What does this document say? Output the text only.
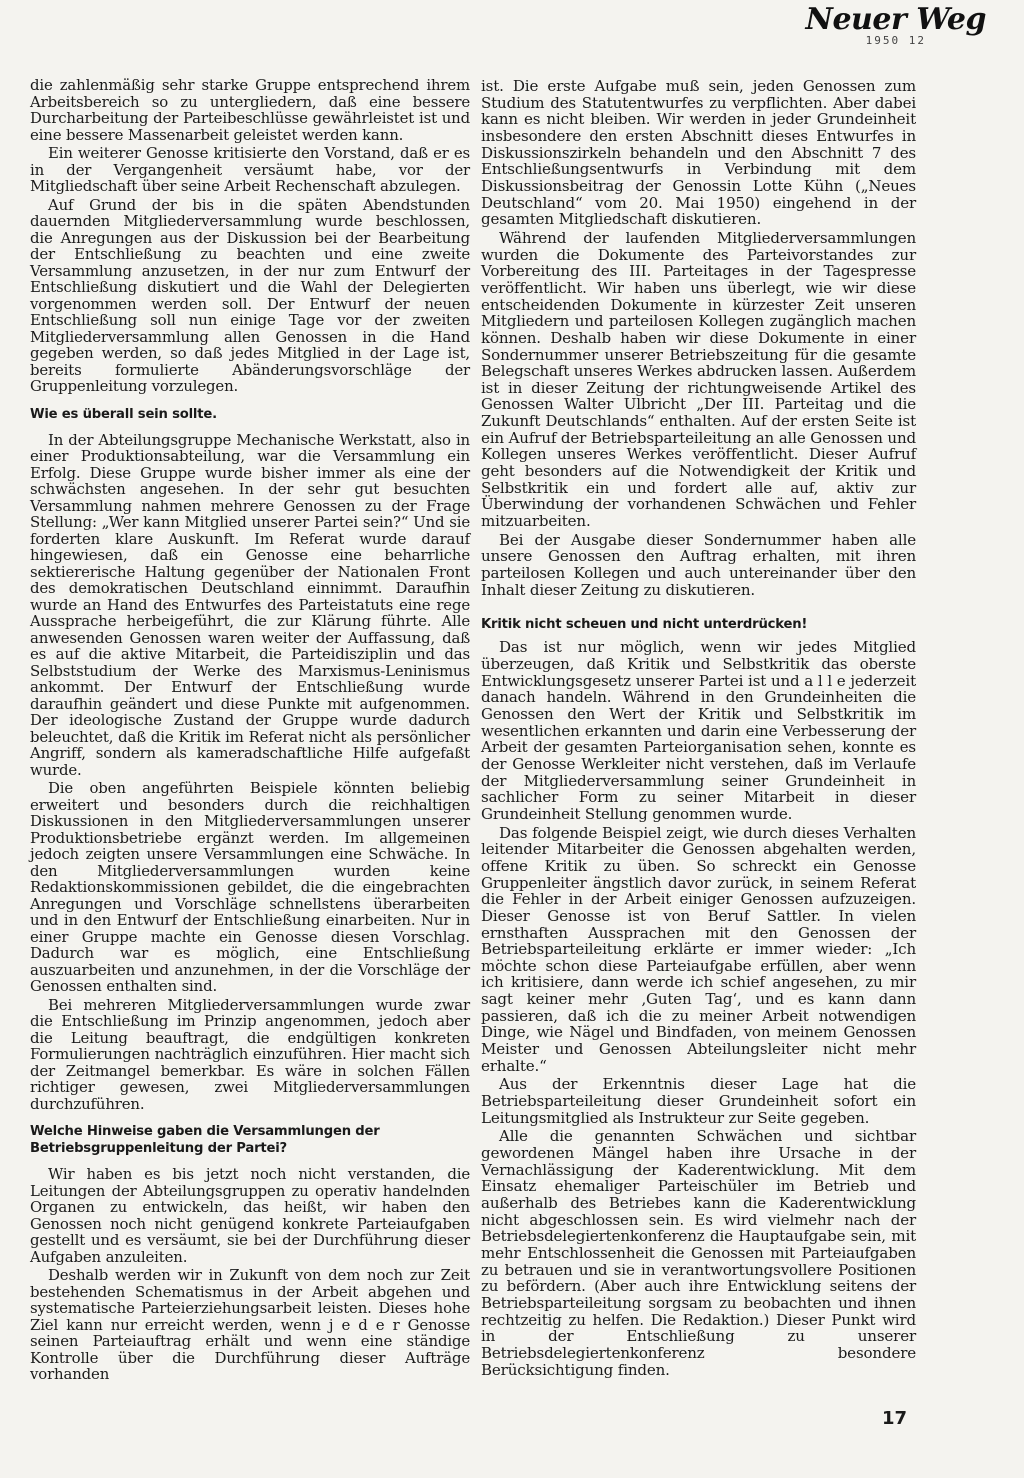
Neuer Weg
1950 12

die zahlenmäßig sehr starke Gruppe entsprechend ihrem Arbeitsbereich so zu untergliedern, daß eine bessere Durcharbeitung der Parteibeschlüsse gewährleistet ist und eine bessere Massenarbeit geleistet werden kann.

Ein weiterer Genosse kritisierte den Vorstand, daß er es in der Vergangenheit versäumt habe, vor der Mitgliedschaft über seine Arbeit Rechenschaft abzulegen.

Auf Grund der bis in die späten Abendstunden dauernden Mitgliederversammlung wurde beschlossen, die Anregungen aus der Diskussion bei der Bearbeitung der Entschließung zu beachten und eine zweite Versammlung anzusetzen, in der nur zum Entwurf der Entschließung diskutiert und die Wahl der Delegierten vorgenommen werden soll. Der Entwurf der neuen Entschließung soll nun einige Tage vor der zweiten Mitgliederversammlung allen Genossen in die Hand gegeben werden, so daß jedes Mitglied in der Lage ist, bereits formulierte Abänderungsvorschläge der Gruppenleitung vorzulegen.

Wie es überall sein sollte.

In der Abteilungsgruppe Mechanische Werkstatt, also in einer Produktionsabteilung, war die Versammlung ein Erfolg. Diese Gruppe wurde bisher immer als eine der schwächsten angesehen. In der sehr gut besuchten Versammlung nahmen mehrere Genossen zu der Frage Stellung: „Wer kann Mitglied unserer Partei sein?“ Und sie forderten klare Auskunft. Im Referat wurde darauf hingewiesen, daß ein Genosse eine beharrliche sektiererische Haltung gegenüber der Nationalen Front des demokratischen Deutschland einnimmt. Daraufhin wurde an Hand des Entwurfes des Parteistatuts eine rege Aussprache herbeigeführt, die zur Klärung führte. Alle anwesenden Genossen waren weiter der Auffassung, daß es auf die aktive Mitarbeit, die Parteidisziplin und das Selbststudium der Werke des Marxismus-Leninismus ankommt. Der Entwurf der Entschließung wurde daraufhin geändert und diese Punkte mit aufgenommen. Der ideologische Zustand der Gruppe wurde dadurch beleuchtet, daß die Kritik im Referat nicht als persönlicher Angriff, sondern als kameradschaftliche Hilfe aufgefaßt wurde.

Die oben angeführten Beispiele könnten beliebig erweitert und besonders durch die reichhaltigen Diskussionen in den Mitgliederversammlungen unserer Produktionsbetriebe ergänzt werden. Im allgemeinen jedoch zeigten unsere Versammlungen eine Schwäche. In den Mitgliederversammlungen wurden keine Redaktionskommissionen gebildet, die die eingebrachten Anregungen und Vorschläge schnellstens überarbeiten und in den Entwurf der Entschließung einarbeiten. Nur in einer Gruppe machte ein Genosse diesen Vorschlag. Dadurch war es möglich, eine Entschließung auszuarbeiten und anzunehmen, in der die Vorschläge der Genossen enthalten sind.

Bei mehreren Mitgliederversammlungen wurde zwar die Entschließung im Prinzip angenommen, jedoch aber die Leitung beauftragt, die endgültigen konkreten Formulierungen nachträglich einzuführen. Hier macht sich der Zeitmangel bemerkbar. Es wäre in solchen Fällen richtiger gewesen, zwei Mitgliederversammlungen durchzuführen.

Welche Hinweise gaben die Versammlungen der Betriebsgruppenleitung der Partei?

Wir haben es bis jetzt noch nicht verstanden, die Leitungen der Abteilungsgruppen zu operativ handelnden Organen zu entwickeln, das heißt, wir haben den Genossen noch nicht genügend konkrete Parteiaufgaben gestellt und es versäumt, sie bei der Durchführung dieser Aufgaben anzuleiten.

Deshalb werden wir in Zukunft von dem noch zur Zeit bestehenden Schematismus in der Arbeit abgehen und systematische Parteierziehungsarbeit leisten. Dieses hohe Ziel kann nur erreicht werden, wenn j e d e r Genosse seinen Parteiauftrag erhält und wenn eine ständige Kontrolle über die Durchführung dieser Aufträge vorhanden

ist. Die erste Aufgabe muß sein, jeden Genossen zum Studium des Statutentwurfes zu verpflichten. Aber dabei kann es nicht bleiben. Wir werden in jeder Grundeinheit insbesondere den ersten Abschnitt dieses Entwurfes in Diskussionszirkeln behandeln und den Abschnitt 7 des Entschließungsentwurfs in Verbindung mit dem Diskussionsbeitrag der Genossin Lotte Kühn („Neues Deutschland“ vom 20. Mai 1950) eingehend in der gesamten Mitgliedschaft diskutieren.

Während der laufenden Mitgliederversammlungen wurden die Dokumente des Parteivorstandes zur Vorbereitung des III. Parteitages in der Tagespresse veröffentlicht. Wir haben uns überlegt, wie wir diese entscheidenden Dokumente in kürzester Zeit unseren Mitgliedern und parteilosen Kollegen zugänglich machen können. Deshalb haben wir diese Dokumente in einer Sondernummer unserer Betriebszeitung für die gesamte Belegschaft unseres Werkes abdrucken lassen. Außerdem ist in dieser Zeitung der richtungweisende Artikel des Genossen Walter Ulbricht „Der III. Parteitag und die Zukunft Deutschlands“ enthalten. Auf der ersten Seite ist ein Aufruf der Betriebsparteileitung an alle Genossen und Kollegen unseres Werkes veröffentlicht. Dieser Aufruf geht besonders auf die Notwendigkeit der Kritik und Selbstkritik ein und fordert alle auf, aktiv zur Überwindung der vorhandenen Schwächen und Fehler mitzuarbeiten.

Bei der Ausgabe dieser Sondernummer haben alle unsere Genossen den Auftrag erhalten, mit ihren parteilosen Kollegen und auch untereinander über den Inhalt dieser Zeitung zu diskutieren.

Kritik nicht scheuen und nicht unterdrücken!

Das ist nur möglich, wenn wir jedes Mitglied überzeugen, daß Kritik und Selbstkritik das oberste Entwicklungsgesetz unserer Partei ist und a l l e jederzeit danach handeln. Während in den Grundeinheiten die Genossen den Wert der Kritik und Selbstkritik im wesentlichen erkannten und darin eine Verbesserung der Arbeit der gesamten Parteiorganisation sehen, konnte es der Genosse Werkleiter nicht verstehen, daß im Verlaufe der Mitgliederversammlung seiner Grundeinheit in sachlicher Form zu seiner Mitarbeit in dieser Grundeinheit Stellung genommen wurde.

Das folgende Beispiel zeigt, wie durch dieses Verhalten leitender Mitarbeiter die Genossen abgehalten werden, offene Kritik zu üben. So schreckt ein Genosse Gruppenleiter ängstlich davor zurück, in seinem Referat die Fehler in der Arbeit einiger Genossen aufzuzeigen. Dieser Genosse ist von Beruf Sattler. In vielen ernsthaften Aussprachen mit den Genossen der Betriebsparteileitung erklärte er immer wieder: „Ich möchte schon diese Parteiaufgabe erfüllen, aber wenn ich kritisiere, dann werde ich schief angesehen, zu mir sagt keiner mehr ‚Guten Tag‘, und es kann dann passieren, daß ich die zu meiner Arbeit notwendigen Dinge, wie Nägel und Bindfaden, von meinem Genossen Meister und Genossen Abteilungsleiter nicht mehr erhalte.“

Aus der Erkenntnis dieser Lage hat die Betriebsparteileitung dieser Grundeinheit sofort ein Leitungsmitglied als Instrukteur zur Seite gegeben.

Alle die genannten Schwächen und sichtbar gewordenen Mängel haben ihre Ursache in der Vernachlässigung der Kaderentwicklung. Mit dem Einsatz ehemaliger Parteischüler im Betrieb und außerhalb des Betriebes kann die Kaderentwicklung nicht abgeschlossen sein. Es wird vielmehr nach der Betriebsdelegiertenkonferenz die Hauptaufgabe sein, mit mehr Entschlossenheit die Genossen mit Parteiaufgaben zu betrauen und sie in verantwortungsvollere Positionen zu befördern. (Aber auch ihre Entwicklung seitens der Betriebsparteileitung sorgsam zu beobachten und ihnen rechtzeitig zu helfen. Die Redaktion.) Dieser Punkt wird in der Entschließung zu unserer Betriebsdelegiertenkonferenz besondere Berücksichtigung finden.

17
